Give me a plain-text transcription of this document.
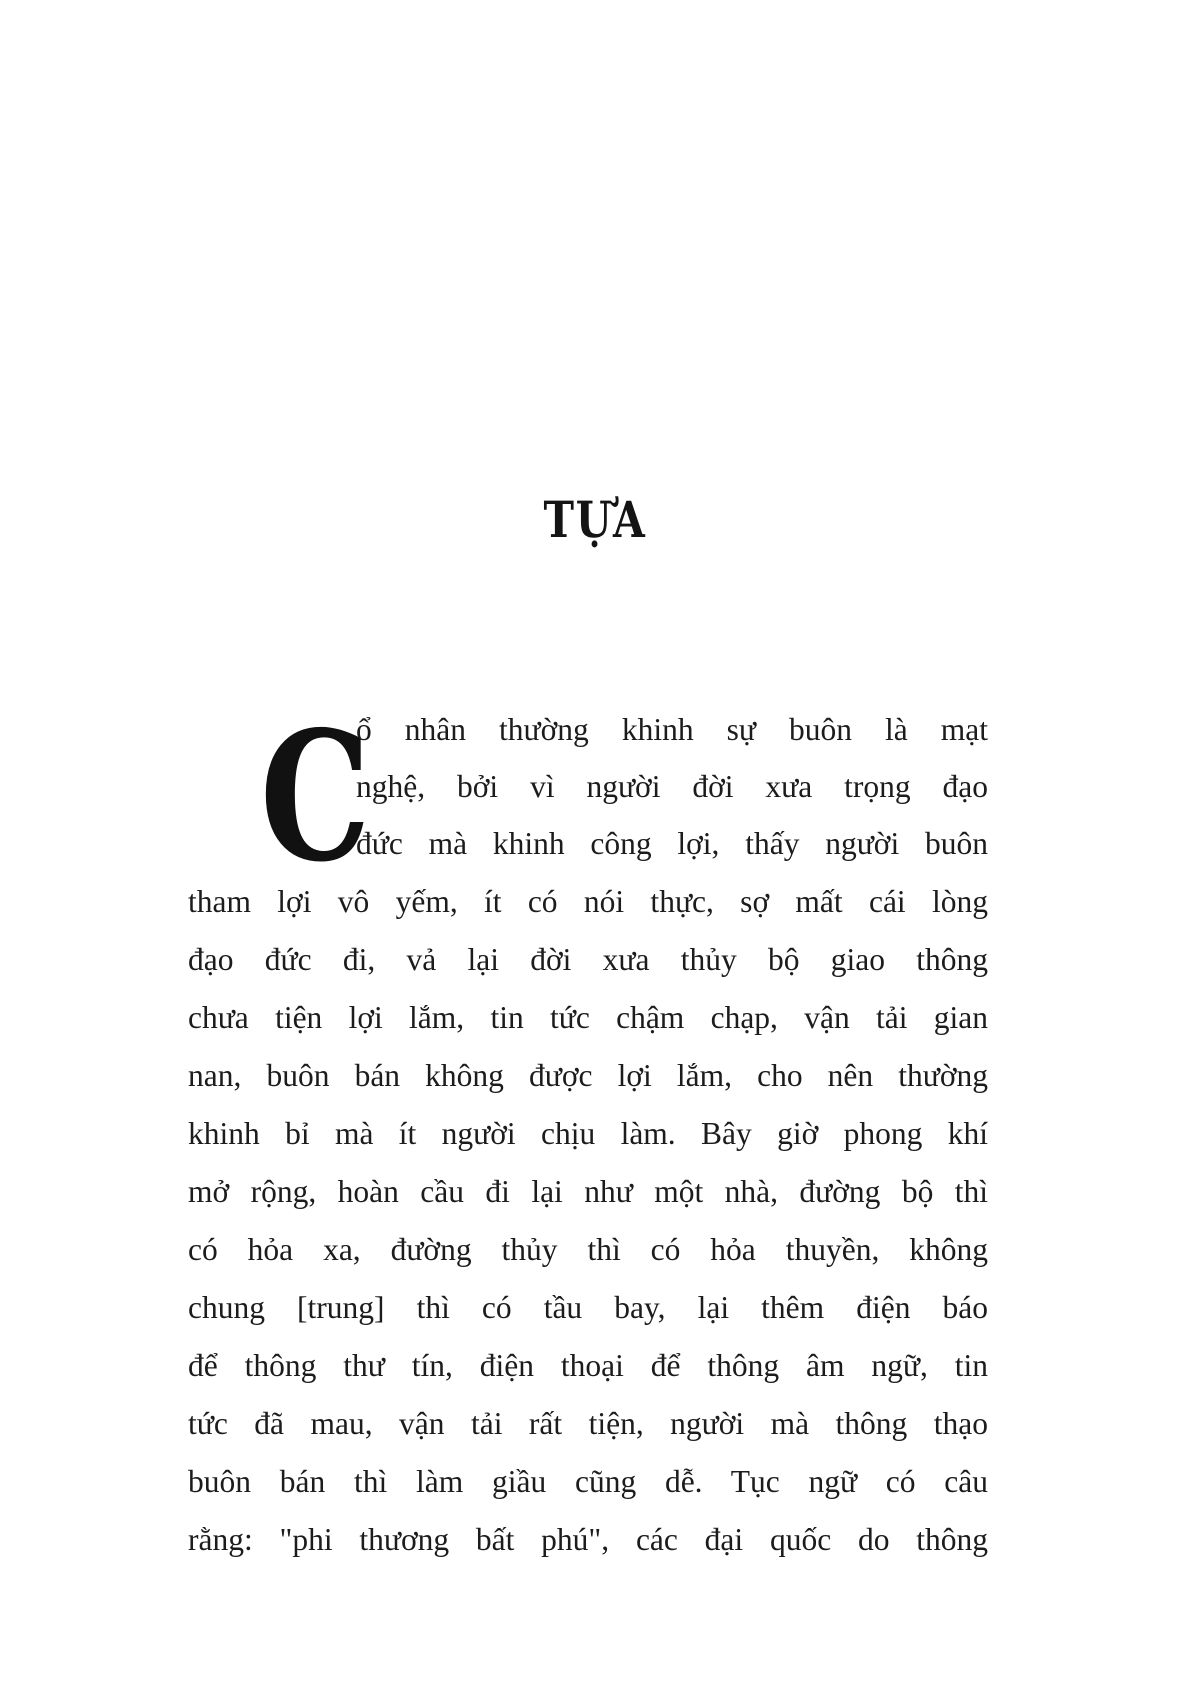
TỰA
C
ổ nhân thường khinh sự buôn là mạt
nghệ, bởi vì người đời xưa trọng đạo
đức mà khinh công lợi, thấy người buôn
tham lợi vô yếm, ít có nói thực, sợ mất cái lòng
đạo đức đi, vả lại đời xưa thủy bộ giao thông
chưa tiện lợi lắm, tin tức chậm chạp, vận tải gian
nan, buôn bán không được lợi lắm, cho nên thường
khinh bỉ mà ít người chịu làm. Bây giờ phong khí
mở rộng, hoàn cầu đi lại như một nhà, đường bộ thì
có hỏa xa, đường thủy thì có hỏa thuyền, không
chung [trung] thì có tầu bay, lại thêm điện báo
để thông thư tín, điện thoại để thông âm ngữ, tin
tức đã mau, vận tải rất tiện, người mà thông thạo
buôn bán thì làm giầu cũng dễ. Tục ngữ có câu
rằng: "phi thương bất phú", các đại quốc do thông
